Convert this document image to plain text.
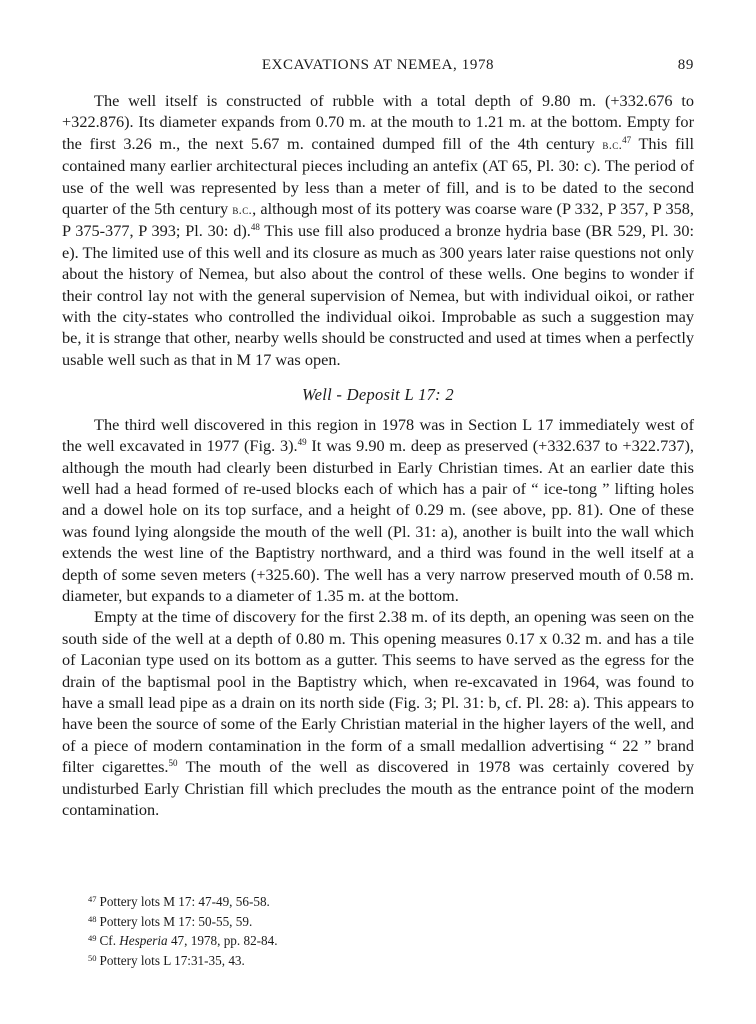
EXCAVATIONS AT NEMEA, 1978	89

The well itself is constructed of rubble with a total depth of 9.80 m. (+332.676 to +322.876). Its diameter expands from 0.70 m. at the mouth to 1.21 m. at the bottom. Empty for the first 3.26 m., the next 5.67 m. contained dumped fill of the 4th century b.c.$^{47}$ This fill contained many earlier architectural pieces including an antefix (AT 65, Pl. 30: c). The period of use of the well was represented by less than a meter of fill, and is to be dated to the second quarter of the 5th century b.c., although most of its pottery was coarse ware (P 332, P 357, P 358, P 375-377, P 393; Pl. 30: d).$^{48}$ This use fill also produced a bronze hydria base (BR 529, Pl. 30: e). The limited use of this well and its closure as much as 300 years later raise questions not only about the history of Nemea, but also about the control of these wells. One begins to wonder if their control lay not with the general supervision of Nemea, but with individual oikoi, or rather with the city-states who controlled the individual oikoi. Improbable as such a suggestion may be, it is strange that other, nearby wells should be constructed and used at times when a perfectly usable well such as that in M 17 was open.

Well - Deposit L 17: 2

The third well discovered in this region in 1978 was in Section L 17 immediately west of the well excavated in 1977 (Fig. 3).$^{49}$ It was 9.90 m. deep as preserved (+332.637 to +322.737), although the mouth had clearly been disturbed in Early Christian times. At an earlier date this well had a head formed of re-used blocks each of which has a pair of “ ice-tong ” lifting holes and a dowel hole on its top surface, and a height of 0.29 m. (see above, pp. 81). One of these was found lying alongside the mouth of the well (Pl. 31: a), another is built into the wall which extends the west line of the Baptistry northward, and a third was found in the well itself at a depth of some seven meters (+325.60). The well has a very narrow preserved mouth of 0.58 m. diameter, but expands to a diameter of 1.35 m. at the bottom.

Empty at the time of discovery for the first 2.38 m. of its depth, an opening was seen on the south side of the well at a depth of 0.80 m. This opening measures 0.17 x 0.32 m. and has a tile of Laconian type used on its bottom as a gutter. This seems to have served as the egress for the drain of the baptismal pool in the Baptistry which, when re-excavated in 1964, was found to have a small lead pipe as a drain on its north side (Fig. 3; Pl. 31: b, cf. Pl. 28: a). This appears to have been the source of some of the Early Christian material in the higher layers of the well, and of a piece of modern contamination in the form of a small medallion advertising “ 22 ” brand filter cigarettes.$^{50}$ The mouth of the well as discovered in 1978 was certainly covered by undisturbed Early Christian fill which precludes the mouth as the entrance point of the modern contamination.

$^{47}$ Pottery lots M 17: 47-49, 56-58.
$^{48}$ Pottery lots M 17: 50-55, 59.
$^{49}$ Cf. Hesperia 47, 1978, pp. 82-84.
$^{50}$ Pottery lots L 17:31-35, 43.
